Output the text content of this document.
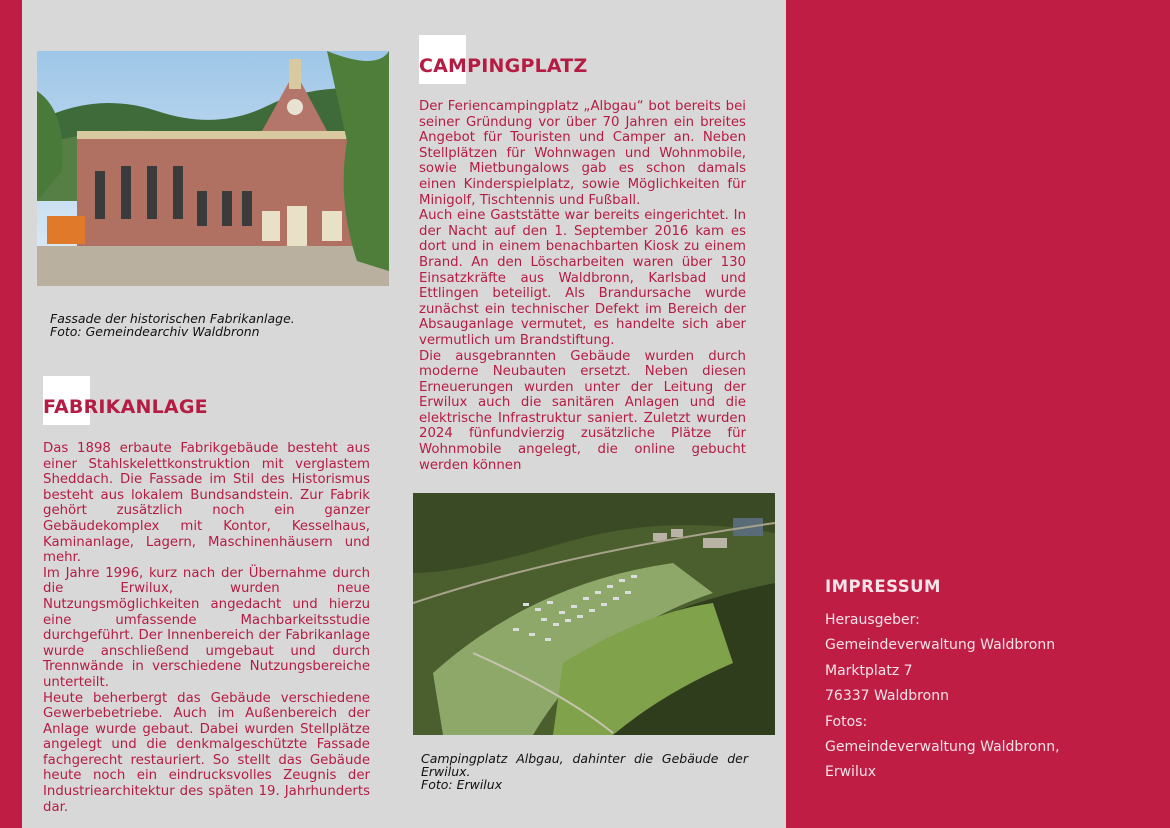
Fassade der historischen Fabrikanlage.
Foto: Gemeindearchiv Waldbronn

FABRIKANLAGE

Das 1898 erbaute Fabrikgebäude besteht aus einer Stahlskelettkonstruktion mit verglastem Sheddach. Die Fassade im Stil des Historismus besteht aus lokalem Bundsandstein. Zur Fabrik gehört zusätzlich noch ein ganzer Gebäudekomplex mit Kontor, Kesselhaus, Kaminanlage, Lagern, Maschinenhäusern und mehr.

Im Jahre 1996, kurz nach der Übernahme durch die Erwilux, wurden neue Nutzungsmöglichkeiten angedacht und hierzu eine umfassende Machbarkeitsstudie durchgeführt. Der Innenbereich der Fabrikanlage wurde anschließend umgebaut und durch Trennwände in verschiedene Nutzungsbereiche unterteilt.

Heute beherbergt das Gebäude verschiedene Gewerbebetriebe. Auch im Außenbereich der Anlage wurde gebaut. Dabei wurden Stellplätze angelegt und die denkmalgeschützte Fassade fachgerecht restauriert. So stellt das Gebäude heute noch ein eindrucksvolles Zeugnis der Industriearchitektur des späten 19. Jahrhunderts dar.

CAMPINGPLATZ

Der Feriencampingplatz „Albgau“ bot bereits bei seiner Gründung vor über 70 Jahren ein breites Angebot für Touristen und Camper an. Neben Stellplätzen für Wohnwagen und Wohnmobile, sowie Mietbungalows gab es schon damals einen Kinderspielplatz, sowie Möglichkeiten für Minigolf, Tischtennis und Fußball.

Auch eine Gaststätte war bereits eingerichtet. In der Nacht auf den 1. September 2016 kam es dort und in einem benachbarten Kiosk zu einem Brand. An den Löscharbeiten waren über 130 Einsatzkräfte aus Waldbronn, Karlsbad und Ettlingen beteiligt. Als Brandursache wurde zunächst ein technischer Defekt im Bereich der Absauganlage vermutet, es handelte sich aber vermutlich um Brandstiftung.

Die ausgebrannten Gebäude wurden durch moderne Neubauten ersetzt. Neben diesen Erneuerungen wurden unter der Leitung der Erwilux auch die sanitären Anlagen und die elektrische Infrastruktur saniert. Zuletzt wurden 2024 fünfundvierzig zusätzliche Plätze für Wohnmobile angelegt, die online gebucht werden können

Campingplatz Albgau, dahinter die Gebäude der Erwilux.
Foto: Erwilux

IMPRESSUM

Herausgeber:
Gemeindeverwaltung Waldbronn
Marktplatz 7
76337 Waldbronn
Fotos:
Gemeindeverwaltung Waldbronn,
Erwilux
